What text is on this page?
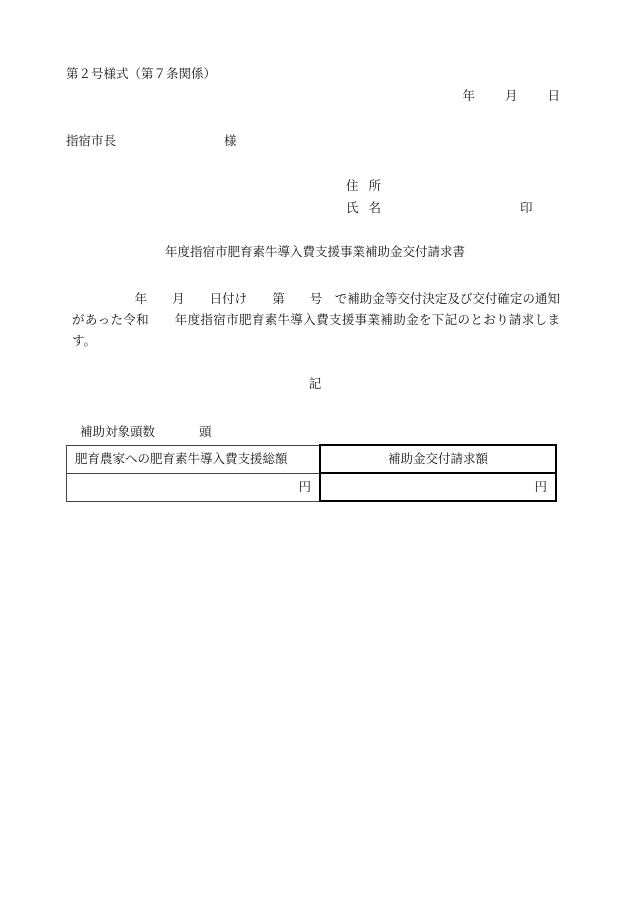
第２号様式（第７条関係）
年 月 日
指宿市長	様
住所
氏名	印
年度指宿市肥育素牛導入費支援事業補助金交付請求書
　　　　　年　　月　　日付け　　第　　号　で補助金等交付決定及び交付確定の通知があった令和　　年度指宿市肥育素牛導入費支援事業補助金を下記のとおり請求します。
記
補助対象頭数	頭
肥育農家への肥育素牛導入費支援総額	補助金交付請求額
円	円
